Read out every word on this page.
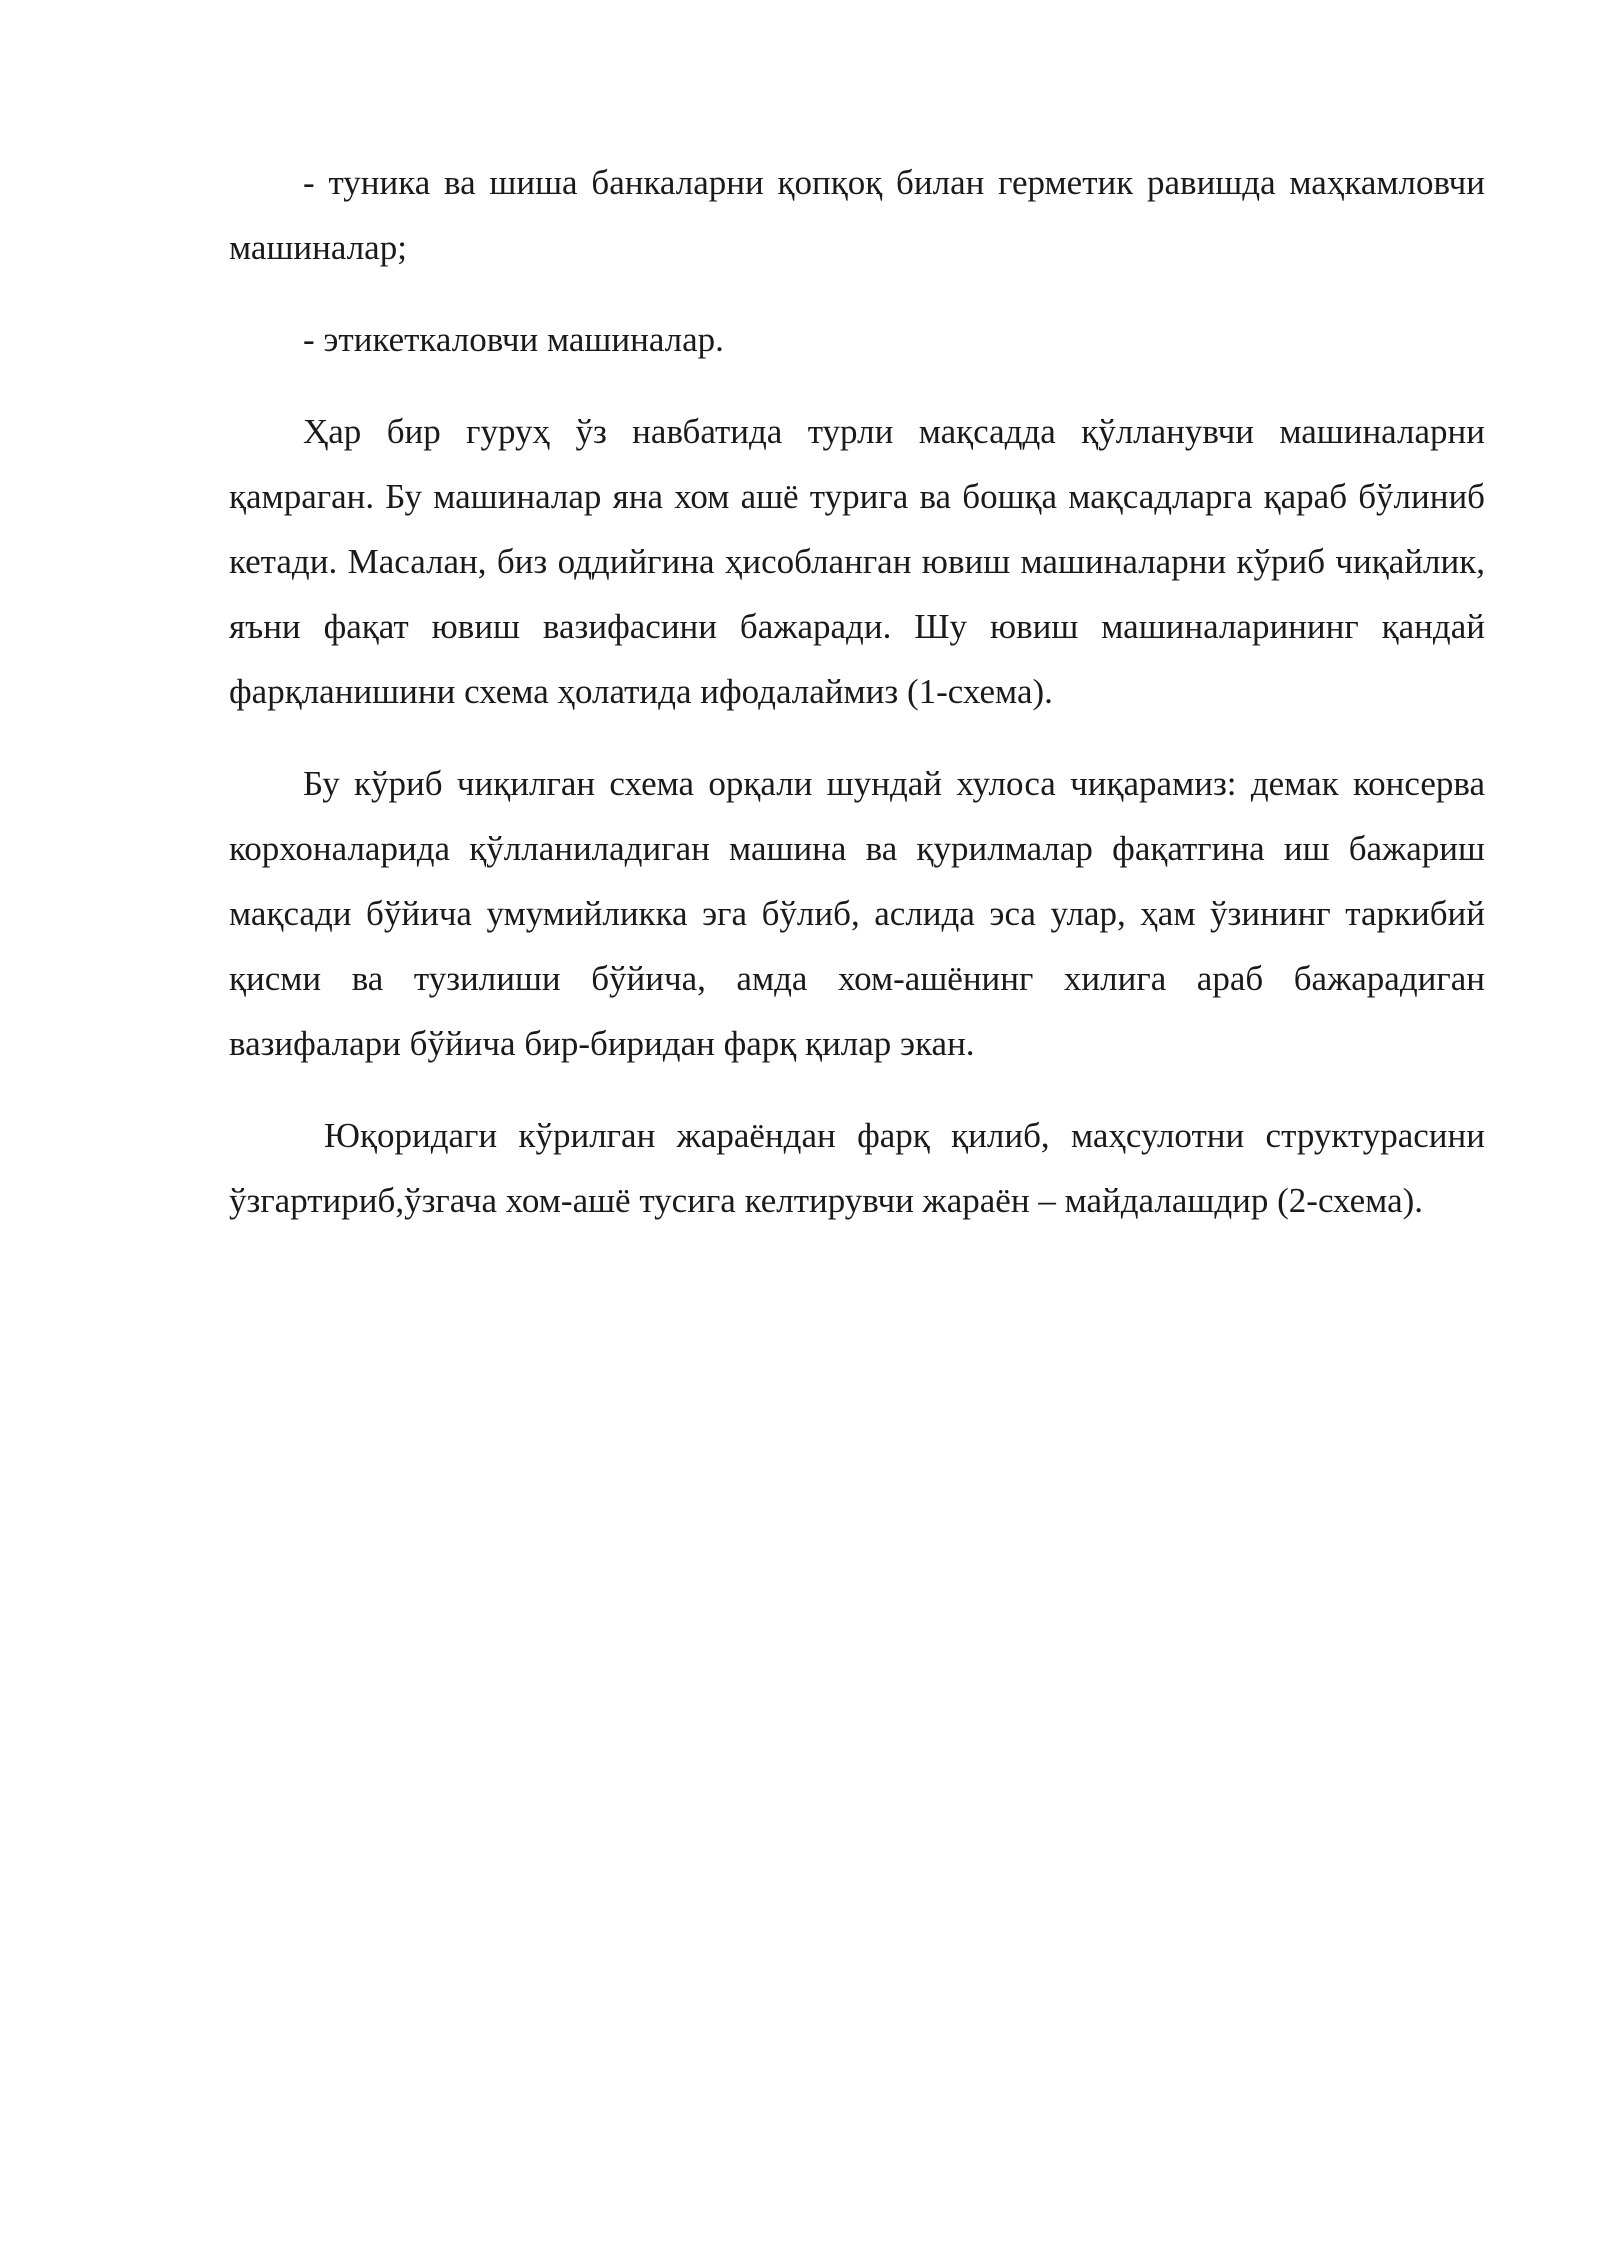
- туника ва шиша банкаларни қопқоқ билан герметик равишда маҳкамловчи машиналар;

- этикеткаловчи машиналар.

Ҳар бир гуруҳ ўз навбатида турли мақсадда қўлланувчи машиналарни қамраган. Бу машиналар яна хом ашё турига ва бошқа мақсадларга қараб бўлиниб кетади. Масалан, биз оддийгина ҳисобланган ювиш машиналарни кўриб чиқайлик, яъни фақат ювиш вазифасини бажаради. Шу ювиш машиналарининг қандай фарқланишини схема ҳолатида ифодалаймиз (1-схема).

Бу кўриб чиқилган схема орқали шундай хулоса чиқарамиз: демак консерва корхоналарида қўлланиладиган машина ва қурилмалар фақатгина иш бажариш мақсади бўйича умумийликка эга бўлиб, аслида эса улар, ҳам ўзининг таркибий қисми ва тузилиши бўйича, амда хом-ашёнинг хилига араб бажарадиган вазифалари бўйича бир-биридан фарқ қилар экан.

Юқоридаги кўрилган жараёндан фарқ қилиб, маҳсулотни структурасини ўзгартириб,ўзгача хом-ашё тусига келтирувчи жараён – майдалашдир (2-схема).
